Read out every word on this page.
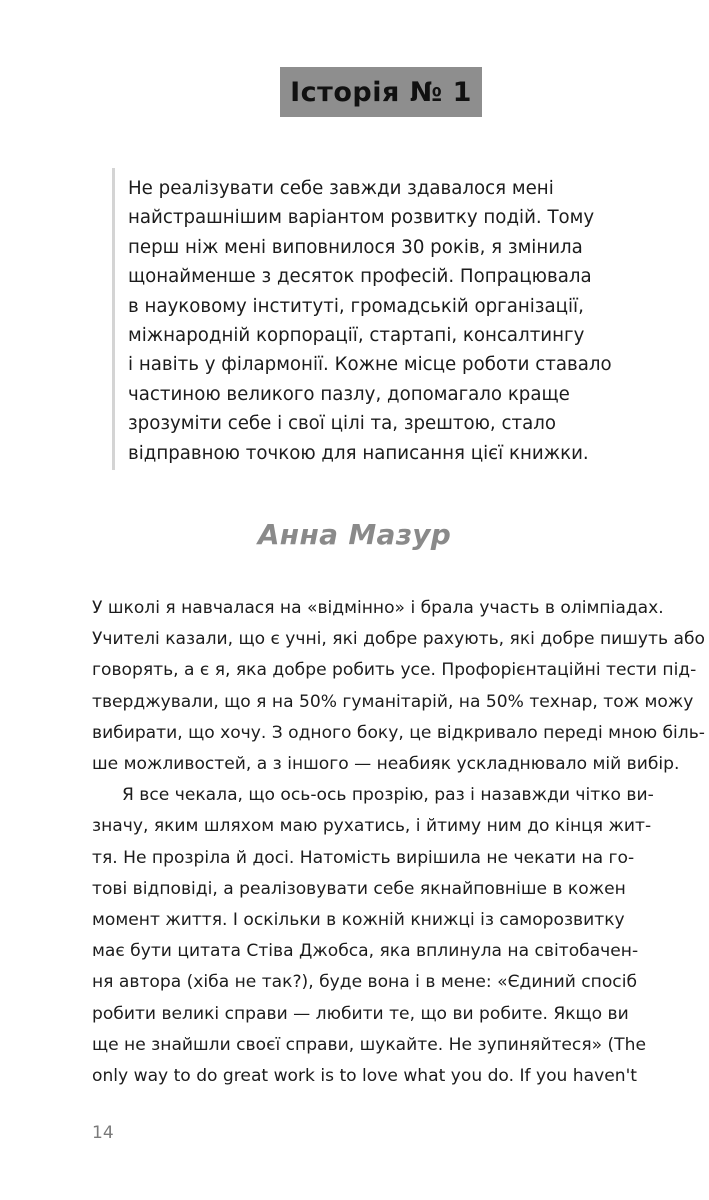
Історія № 1

Не реалізувати себе завжди здавалося мені
найстрашнішим варіантом розвитку подій. Тому
перш ніж мені виповнилося 30 років, я змінила
щонайменше з десяток професій. Попрацювала
в науковому інституті, громадській організації,
міжнародній корпорації, стартапі, консалтингу
і навіть у філармонії. Кожне місце роботи ставало
частиною великого пазлу, допомагало краще
зрозуміти себе і свої цілі та, зрештою, стало
відправною точкою для написання цієї книжки.

Анна Мазур
У школі я навчалася на «відмінно» і брала участь в олімпіадах.
Учителі казали, що є учні, які добре рахують, які добре пишуть або
говорять, а є я, яка добре робить усе. Профорієнтаційні тести під-
тверджували, що я на 50% гуманітарій, на 50% технар, тож можу
вибирати, що хочу. З одного боку, це відкривало переді мною біль-
ше можливостей, а з іншого — неабияк ускладнювало мій вибір.
Я все чекала, що ось-ось прозрію, раз і назавжди чітко ви-
значу, яким шляхом маю рухатись, і йтиму ним до кінця жит-
тя. Не прозріла й досі. Натомість вирішила не чекати на го-
тові відповіді, а реалізовувати себе якнайповніше в кожен
момент життя. І оскільки в кожній книжці із саморозвитку
має бути цитата Стіва Джобса, яка вплинула на світобачен-
ня автора (хіба не так?), буде вона і в мене: «Єдиний спосіб
робити великі справи — любити те, що ви робите. Якщо ви
ще не знайшли своєї справи, шукайте. Не зупиняйтеся» (The
only way to do great work is to love what you do. If you haven't
14
